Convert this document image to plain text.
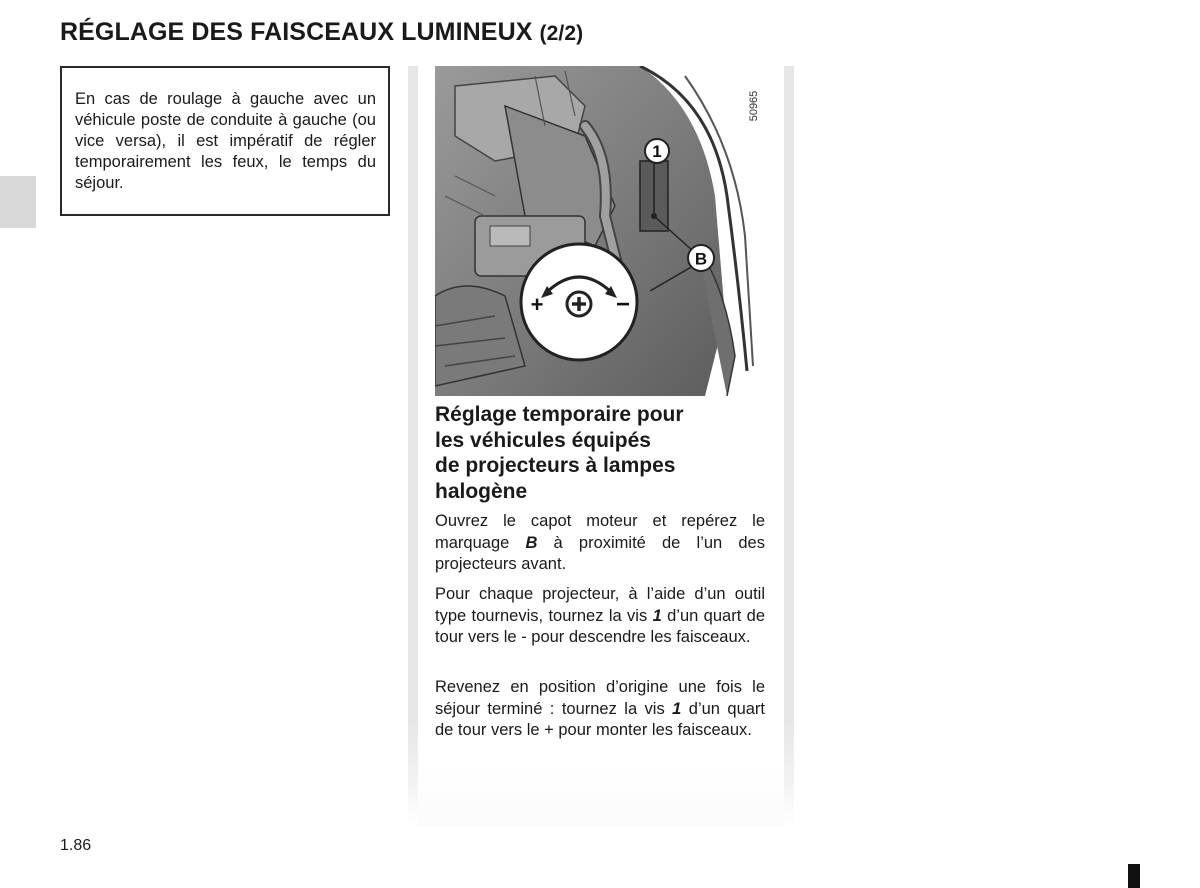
RÉGLAGE DES FAISCEAUX LUMINEUX (2/2)
En cas de roulage à gauche avec un véhicule poste de conduite à gauche (ou vice versa), il est impératif de régler temporairement les feux, le temps du séjour.
1
B
+	−
50965
Réglage temporaire pour
les véhicules équipés
de projecteurs à lampes
halogène
Ouvrez le capot moteur et repérez le marquage B à proximité de l’un des projecteurs avant.
Pour chaque projecteur, à l’aide d’un outil type tournevis, tournez la vis 1 d’un quart de tour vers le - pour descendre les faisceaux.
Revenez en position d’origine une fois le séjour terminé : tournez la vis 1 d’un quart de tour vers le + pour monter les faisceaux.
1.86
